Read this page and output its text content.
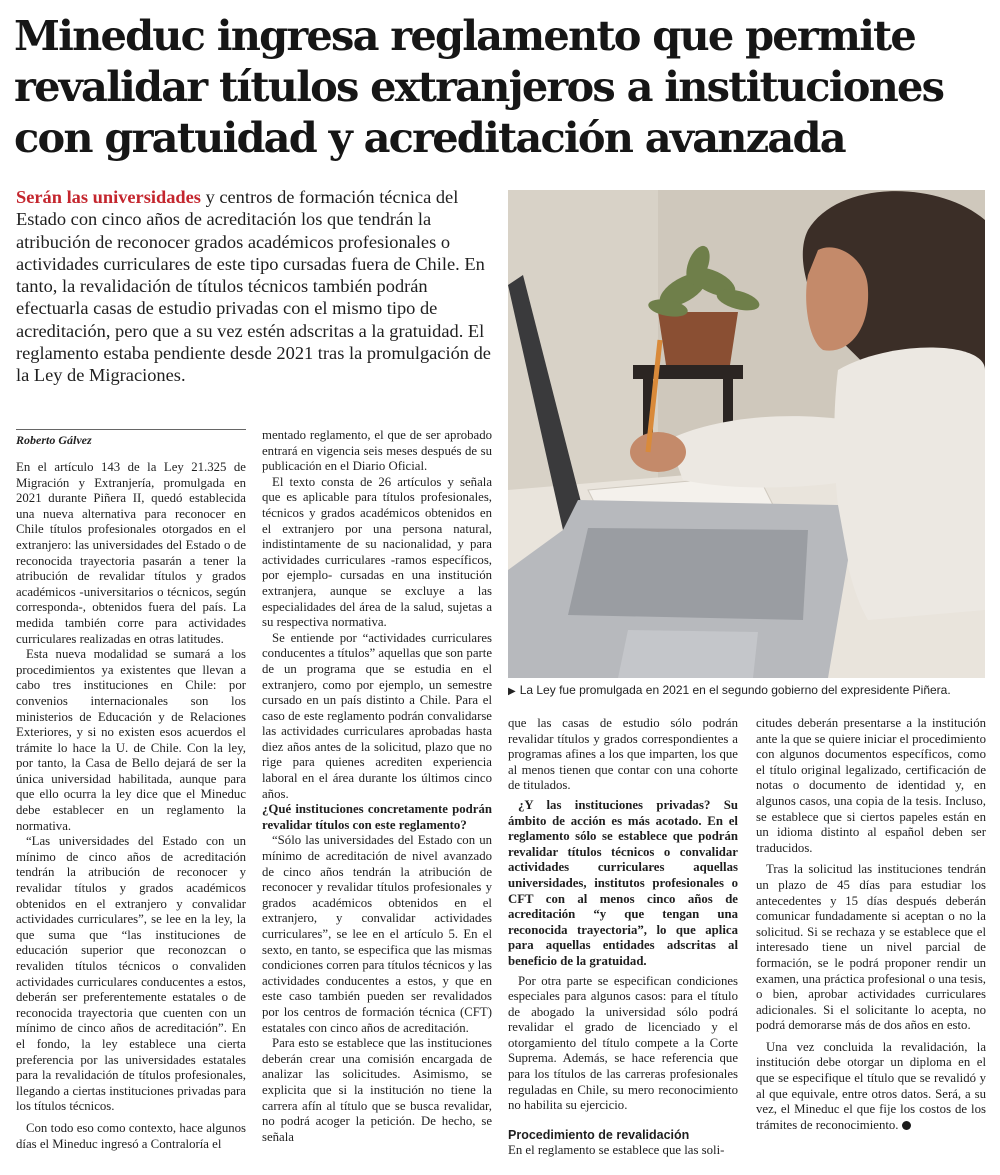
Mineduc ingresa reglamento que permite revalidar títulos extranjeros a instituciones con gratuidad y acreditación avanzada

Serán las universidades y centros de formación técnica del Estado con cinco años de acreditación los que tendrán la atribución de reconocer grados académicos profesionales o actividades curriculares de este tipo cursadas fuera de Chile. En tanto, la revalidación de títulos técnicos también podrán efectuarla casas de estudio privadas con el mismo tipo de acreditación, pero que a su vez estén adscritas a la gratuidad. El reglamento estaba pendiente desde 2021 tras la promulgación de la Ley de Migraciones.

▶ La Ley fue promulgada en 2021 en el segundo gobierno del expresidente Piñera.
Roberto Gálvez

En el artículo 143 de la Ley 21.325 de Migración y Extranjería, promulgada en 2021 durante Piñera II, quedó establecida una nueva alternativa para reconocer en Chile títulos profesionales otorgados en el extranjero: las universidades del Estado o de reconocida trayectoria pasarán a tener la atribución de revalidar títulos y grados académicos -universitarios o técnicos, según corresponda-, obtenidos fuera del país. La medida también corre para actividades curriculares realizadas en otras latitudes.

Esta nueva modalidad se sumará a los procedimientos ya existentes que llevan a cabo tres instituciones en Chile: por convenios internacionales son los ministerios de Educación y de Relaciones Exteriores, y si no existen esos acuerdos el trámite lo hace la U. de Chile. Con la ley, por tanto, la Casa de Bello dejará de ser la única universidad habilitada, aunque para que ello ocurra la ley dice que el Mineduc debe establecer en un reglamento la normativa.

“Las universidades del Estado con un mínimo de cinco años de acreditación tendrán la atribución de reconocer y revalidar títulos y grados académicos obtenidos en el extranjero y convalidar actividades curriculares”, se lee en la ley, la que suma que “las instituciones de educación superior que reconozcan o revaliden títulos técnicos o convaliden actividades curriculares conducentes a estos, deberán ser preferentemente estatales o de reconocida trayectoria que cuenten con un mínimo de cinco años de acreditación”. En el fondo, la ley establece una cierta preferencia por las universidades estatales para la revalidación de títulos profesionales, llegando a ciertas instituciones privadas para los títulos técnicos.

Con todo eso como contexto, hace algunos días el Mineduc ingresó a Contraloría el

mentado reglamento, el que de ser aprobado entrará en vigencia seis meses después de su publicación en el Diario Oficial.

El texto consta de 26 artículos y señala que es aplicable para títulos profesionales, técnicos y grados académicos obtenidos en el extranjero por una persona natural, indistintamente de su nacionalidad, y para actividades curriculares -ramos específicos, por ejemplo- cursadas en una institución extranjera, aunque se excluye a las especialidades del área de la salud, sujetas a su respectiva normativa.

Se entiende por “actividades curriculares conducentes a títulos” aquellas que son parte de un programa que se estudia en el extranjero, como por ejemplo, un semestre cursado en un país distinto a Chile. Para el caso de este reglamento podrán convalidarse las actividades curriculares aprobadas hasta diez años antes de la solicitud, plazo que no rige para quienes acrediten experiencia laboral en el área durante los últimos cinco años.

¿Qué instituciones concretamente podrán revalidar títulos con este reglamento?

“Sólo las universidades del Estado con un mínimo de acreditación de nivel avanzado de cinco años tendrán la atribución de reconocer y revalidar títulos profesionales y grados académicos obtenidos en el extranjero, y convalidar actividades curriculares”, se lee en el artículo 5. En el sexto, en tanto, se especifica que las mismas condiciones corren para títulos técnicos y las actividades conducentes a estos, y que en este caso también pueden ser revalidados por los centros de formación técnica (CFT) estatales con cinco años de acreditación.

Para esto se establece que las instituciones deberán crear una comisión encargada de analizar las solicitudes. Asimismo, se explicita que si la institución no tiene la carrera afín al título que se busca revalidar, no podrá acoger la petición. De hecho, se señala

que las casas de estudio sólo podrán revalidar títulos y grados correspondientes a programas afines a los que imparten, los que al menos tienen que contar con una cohorte de titulados.

¿Y las instituciones privadas? Su ámbito de acción es más acotado. En el reglamento sólo se establece que podrán revalidar títulos técnicos o convalidar actividades curriculares aquellas universidades, institutos profesionales o CFT con al menos cinco años de acreditación “y que tengan una reconocida trayectoria”, lo que aplica para aquellas entidades adscritas al beneficio de la gratuidad.

Por otra parte se especifican condiciones especiales para algunos casos: para el título de abogado la universidad sólo podrá revalidar el grado de licenciado y el otorgamiento del título compete a la Corte Suprema. Además, se hace referencia que para los títulos de las carreras profesionales reguladas en Chile, su mero reconocimiento no habilita su ejercicio.

Procedimiento de revalidación

En el reglamento se establece que las soli-

citudes deberán presentarse a la institución ante la que se quiere iniciar el procedimiento con algunos documentos específicos, como el título original legalizado, certificación de notas o documento de identidad y, en algunos casos, una copia de la tesis. Incluso, se establece que si ciertos papeles están en un idioma distinto al español deben ser traducidos.

Tras la solicitud las instituciones tendrán un plazo de 45 días para estudiar los antecedentes y 15 días después deberán comunicar fundadamente si aceptan o no la solicitud. Si se rechaza y se establece que el interesado tiene un nivel parcial de formación, se le podrá proponer rendir un examen, una práctica profesional o una tesis, o bien, aprobar actividades curriculares adicionales. Si el solicitante lo acepta, no podrá demorarse más de dos años en esto.

Una vez concluida la revalidación, la institución debe otorgar un diploma en el que se especifique el título que se revalidó y al que equivale, entre otros datos. Será, a su vez, el Mineduc el que fije los costos de los trámites de reconocimiento.
